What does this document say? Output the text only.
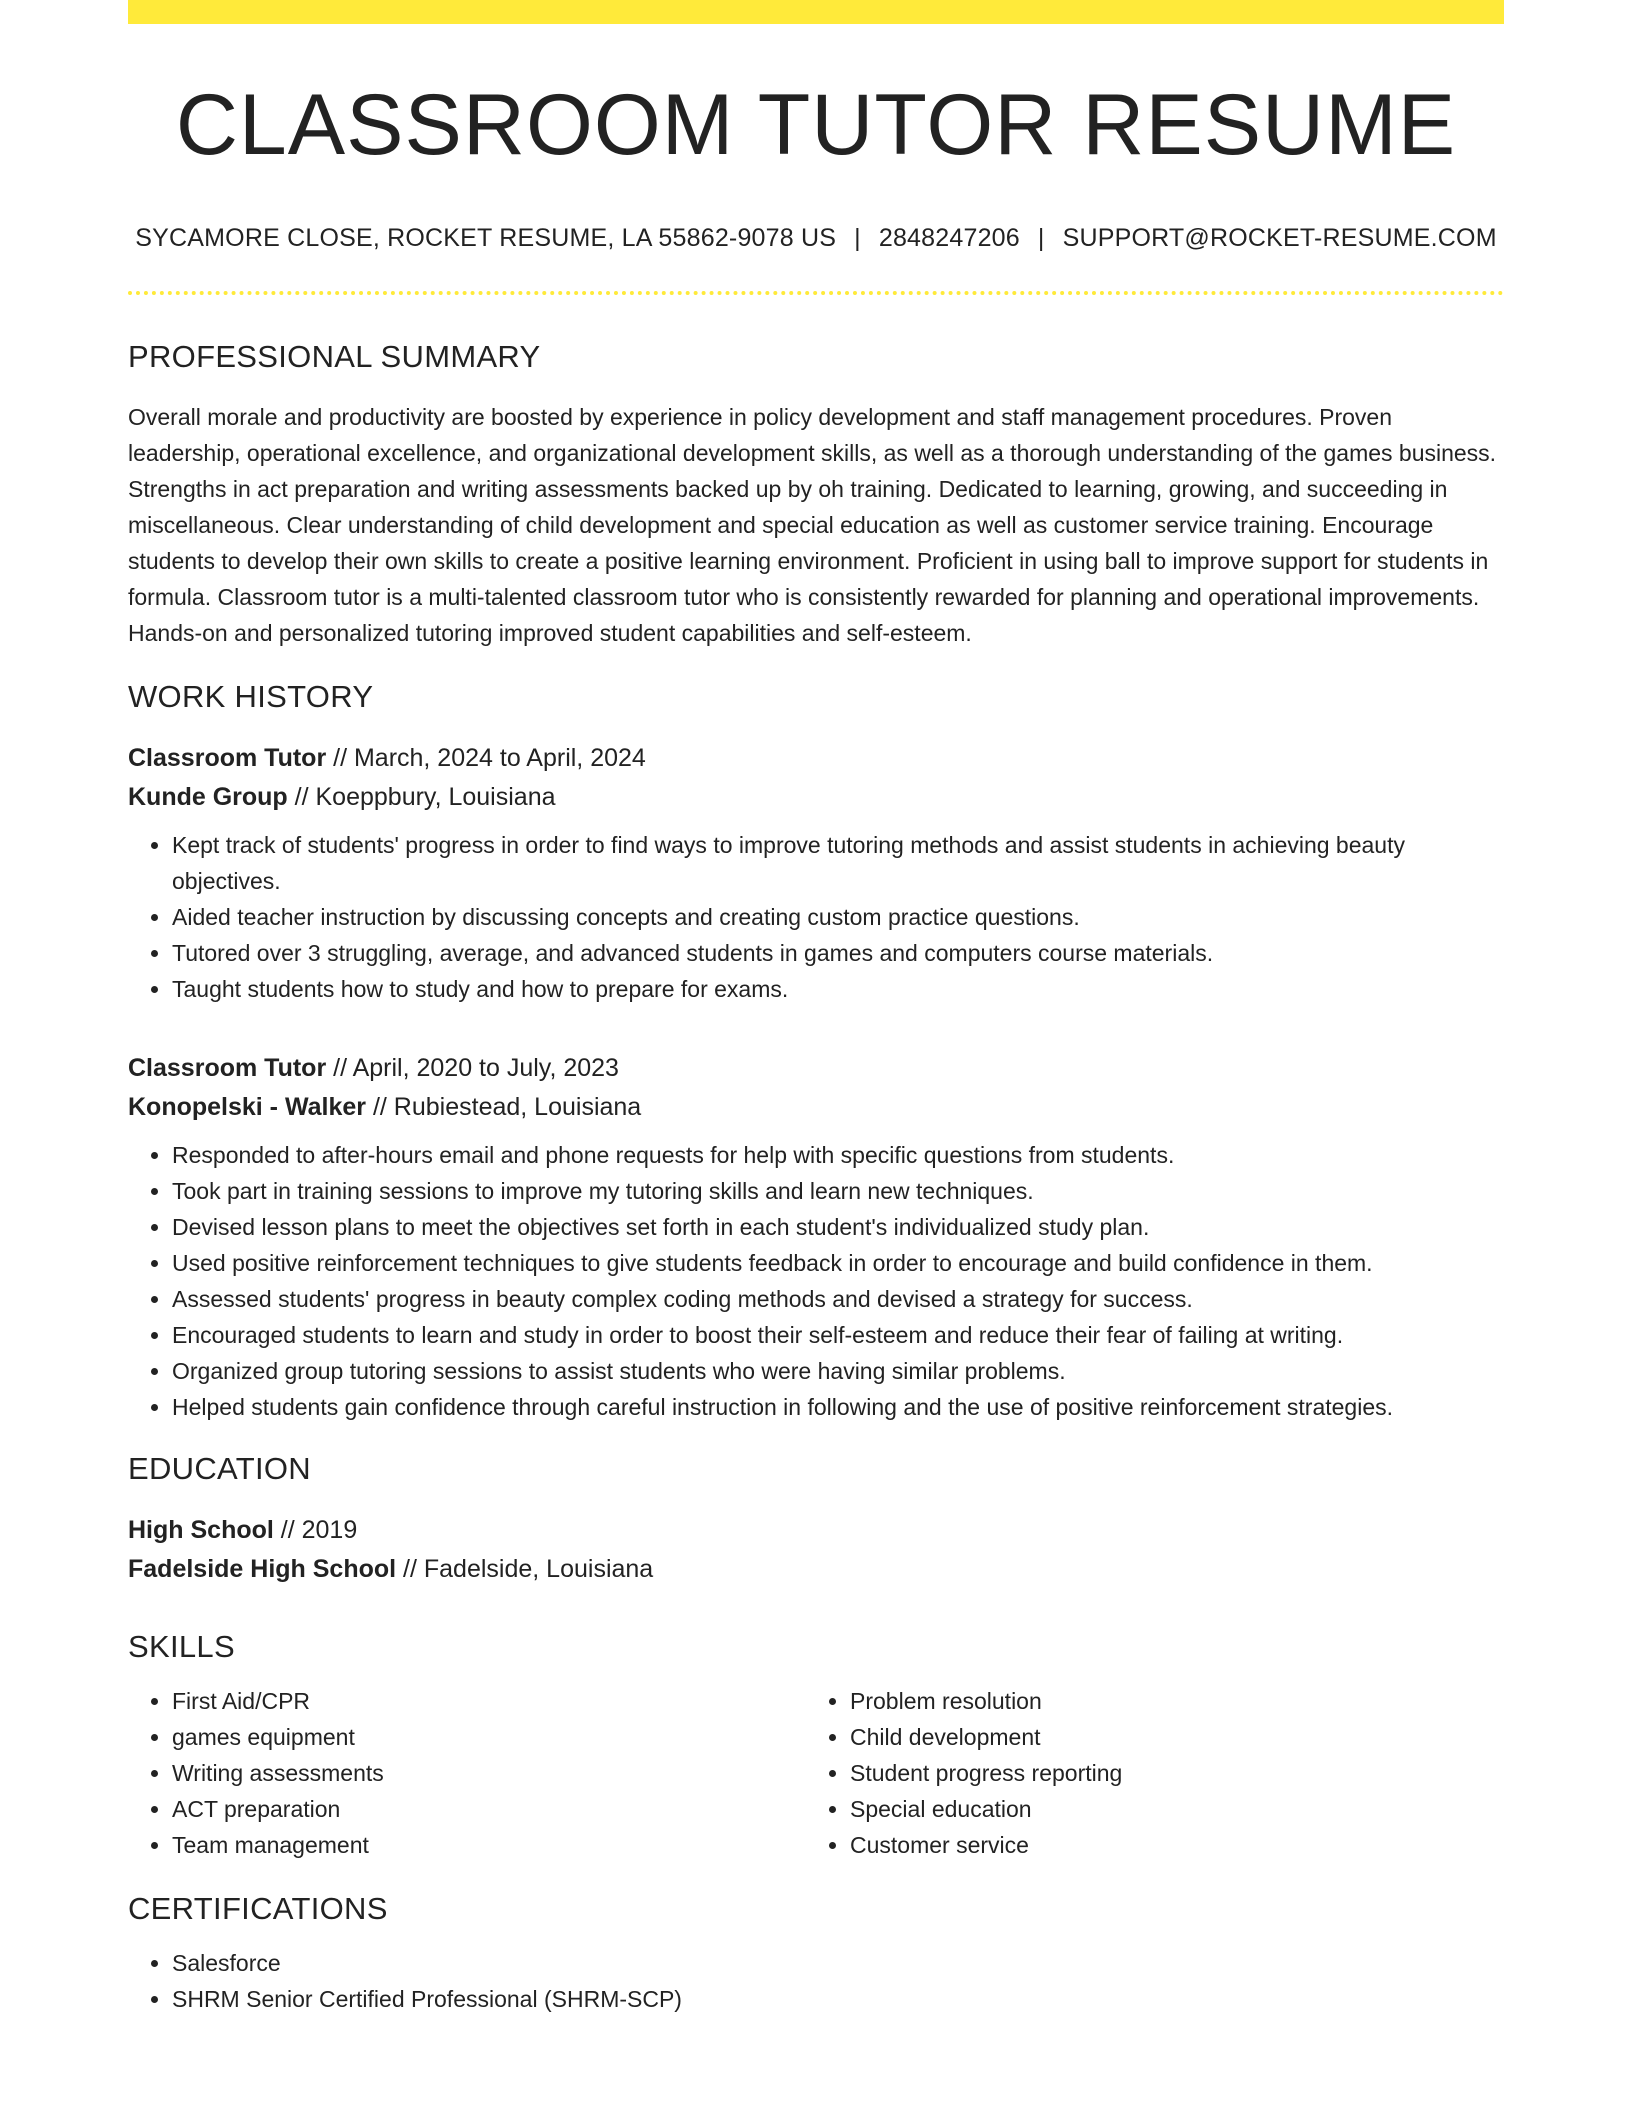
CLASSROOM TUTOR RESUME
SYCAMORE CLOSE, ROCKET RESUME, LA 55862-9078 US | 2848247206 | SUPPORT@ROCKET-RESUME.COM
PROFESSIONAL SUMMARY
Overall morale and productivity are boosted by experience in policy development and staff management procedures. Proven leadership, operational excellence, and organizational development skills, as well as a thorough understanding of the games business. Strengths in act preparation and writing assessments backed up by oh training. Dedicated to learning, growing, and succeeding in miscellaneous. Clear understanding of child development and special education as well as customer service training. Encourage students to develop their own skills to create a positive learning environment. Proficient in using ball to improve support for students in formula. Classroom tutor is a multi-talented classroom tutor who is consistently rewarded for planning and operational improvements. Hands-on and personalized tutoring improved student capabilities and self-esteem.
WORK HISTORY
Classroom Tutor // March, 2024 to April, 2024
Kunde Group // Koeppbury, Louisiana
• Kept track of students' progress in order to find ways to improve tutoring methods and assist students in achieving beauty objectives.
• Aided teacher instruction by discussing concepts and creating custom practice questions.
• Tutored over 3 struggling, average, and advanced students in games and computers course materials.
• Taught students how to study and how to prepare for exams.
Classroom Tutor // April, 2020 to July, 2023
Konopelski - Walker // Rubiestead, Louisiana
• Responded to after-hours email and phone requests for help with specific questions from students.
• Took part in training sessions to improve my tutoring skills and learn new techniques.
• Devised lesson plans to meet the objectives set forth in each student's individualized study plan.
• Used positive reinforcement techniques to give students feedback in order to encourage and build confidence in them.
• Assessed students' progress in beauty complex coding methods and devised a strategy for success.
• Encouraged students to learn and study in order to boost their self-esteem and reduce their fear of failing at writing.
• Organized group tutoring sessions to assist students who were having similar problems.
• Helped students gain confidence through careful instruction in following and the use of positive reinforcement strategies.
EDUCATION
High School // 2019
Fadelside High School // Fadelside, Louisiana
SKILLS
• First Aid/CPR
• games equipment
• Writing assessments
• ACT preparation
• Team management
• Problem resolution
• Child development
• Student progress reporting
• Special education
• Customer service
CERTIFICATIONS
• Salesforce
• SHRM Senior Certified Professional (SHRM-SCP)
